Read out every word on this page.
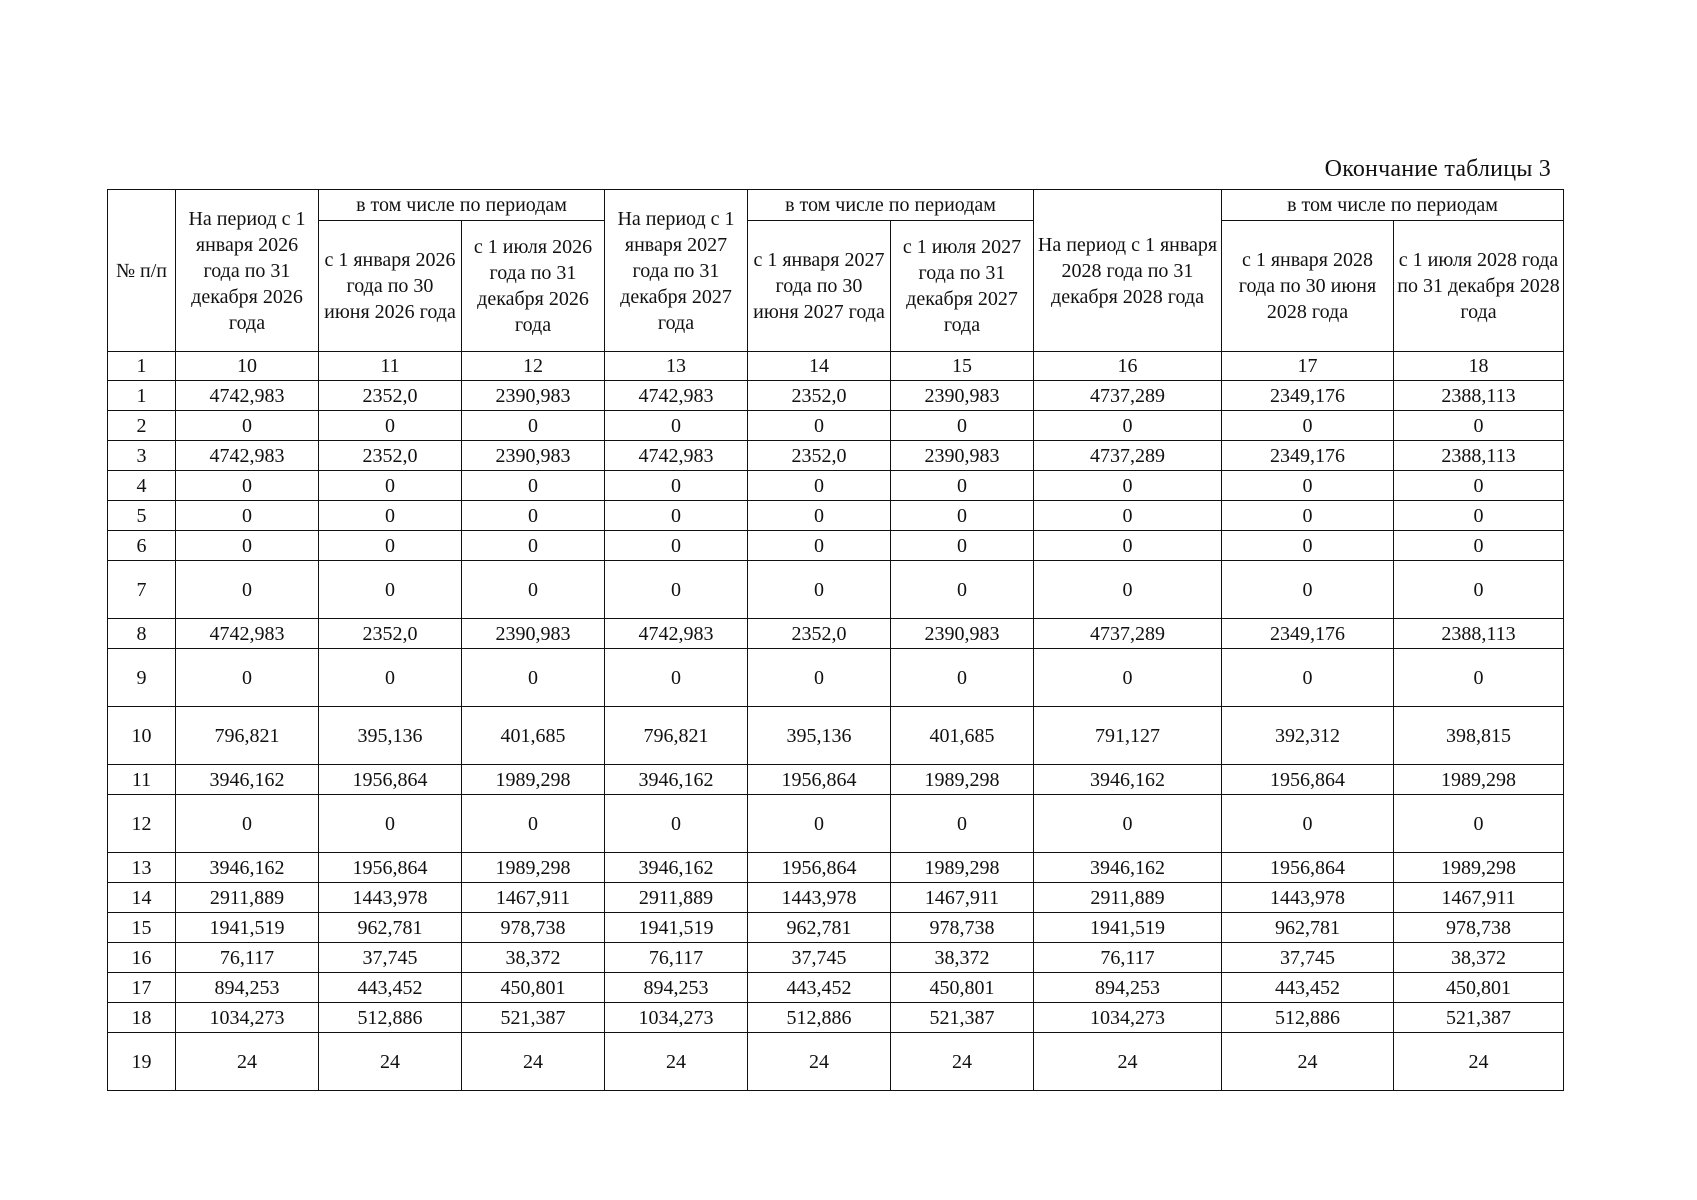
Окончание таблицы 3
№ п/п	На период с 1 января 2026 года по 31 декабря 2026 года	в том числе по периодам		На период с 1 января 2027 года по 31 декабря 2027 года	в том числе по периодам		На период с 1 января 2028 года по 31 декабря 2028 года	в том числе по периодам	
		с 1 января 2026 года по 30 июня 2026 года	с 1 июля 2026 года по 31 декабря 2026 года		с 1 января 2027 года по 30 июня 2027 года	с 1 июля 2027 года по 31 декабря 2027 года		с 1 января 2028 года по 30 июня 2028 года	с 1 июля 2028 года по 31 декабря 2028 года
1	10	11	12	13	14	15	16	17	18
1	4742,983	2352,0	2390,983	4742,983	2352,0	2390,983	4737,289	2349,176	2388,113
2	0	0	0	0	0	0	0	0	0
3	4742,983	2352,0	2390,983	4742,983	2352,0	2390,983	4737,289	2349,176	2388,113
4	0	0	0	0	0	0	0	0	0
5	0	0	0	0	0	0	0	0	0
6	0	0	0	0	0	0	0	0	0
7	0	0	0	0	0	0	0	0	0
8	4742,983	2352,0	2390,983	4742,983	2352,0	2390,983	4737,289	2349,176	2388,113
9	0	0	0	0	0	0	0	0	0
10	796,821	395,136	401,685	796,821	395,136	401,685	791,127	392,312	398,815
11	3946,162	1956,864	1989,298	3946,162	1956,864	1989,298	3946,162	1956,864	1989,298
12	0	0	0	0	0	0	0	0	0
13	3946,162	1956,864	1989,298	3946,162	1956,864	1989,298	3946,162	1956,864	1989,298
14	2911,889	1443,978	1467,911	2911,889	1443,978	1467,911	2911,889	1443,978	1467,911
15	1941,519	962,781	978,738	1941,519	962,781	978,738	1941,519	962,781	978,738
16	76,117	37,745	38,372	76,117	37,745	38,372	76,117	37,745	38,372
17	894,253	443,452	450,801	894,253	443,452	450,801	894,253	443,452	450,801
18	1034,273	512,886	521,387	1034,273	512,886	521,387	1034,273	512,886	521,387
19	24	24	24	24	24	24	24	24	24
